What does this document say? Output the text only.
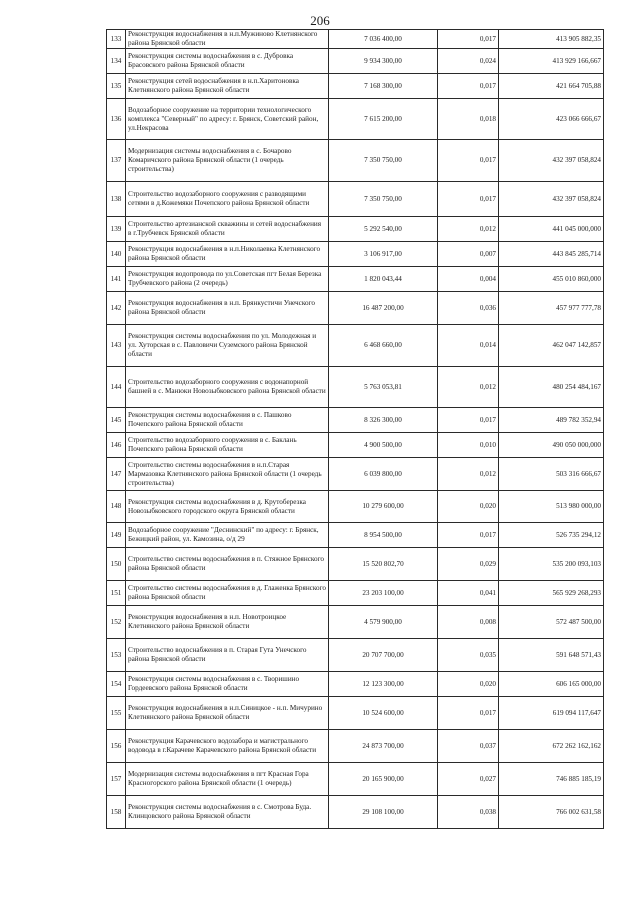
206
133	Реконструкция водоснабжения в н.п.Мужиново Клетнянского района Брянской области	7 036 400,00	0,017	413 905 882,35
134	Реконструкция системы водоснабжения в с. Дубровка Брасовского района Брянской области	9 934 300,00	0,024	413 929 166,667
135	Реконструкция сетей водоснабжения в н.п.Харитоновка Клетнянского района Брянской области	7 168 300,00	0,017	421 664 705,88
136	Водозаборное сооружение на территории технологического комплекса "Северный" по адресу: г. Брянск, Советский район, ул.Некрасова	7 615 200,00	0,018	423 066 666,67
137	Модернизация системы водоснабжения в с. Бочарово Комаричского района Брянской области (1 очередь строительства)	7 350 750,00	0,017	432 397 058,824
138	Строительство водозаборного сооружения с разводящими сетями в д.Кожемяки Почепского района Брянской области	7 350 750,00	0,017	432 397 058,824
139	Строительство артезианской скважины и сетей водоснабжения в г.Трубчевск Брянской области	5 292 540,00	0,012	441 045 000,000
140	Реконструкция водоснабжения в н.п.Николаевка Клетнянского района Брянской области	3 106 917,00	0,007	443 845 285,714
141	Реконструкция водопровода по ул.Советская пгт Белая Березка Трубчевского района (2 очередь)	1 820 043,44	0,004	455 010 860,000
142	Реконструкция водоснабжения в н.п. Брянкустичи Унечского района Брянской области	16 487 200,00	0,036	457 977 777,78
143	Реконструкция системы водоснабжения по ул. Молодежная и ул. Хуторская в с. Павловичи Суземского района Брянской области	6 468 660,00	0,014	462 047 142,857
144	Строительство водозаборного сооружения с водонапорной башней в с. Манюки Новозыбковского района Брянской области	5 763 053,81	0,012	480 254 484,167
145	Реконструкция системы водоснабжения в с. Пашково Почепского района Брянской области	8 326 300,00	0,017	489 782 352,94
146	Строительство водозаборного сооружения в с. Баклань Почепского района Брянской области	4 900 500,00	0,010	490 050 000,000
147	Строительство системы водоснабжения в н.п.Старая Мармазовка Клетнянского района Брянской области (1 очередь строительства)	6 039 800,00	0,012	503 316 666,67
148	Реконструкция системы водоснабжения в д. Крутоберезка Новозыбковского городского округа Брянской области	10 279 600,00	0,020	513 980 000,00
149	Водозаборное сооружение "Деснинский" по адресу: г. Брянск, Бежицкий район, ул. Камозина, о/д 29	8 954 500,00	0,017	526 735 294,12
150	Строительство системы водоснабжения в п. Стяжное Брянского района Брянской области	15 520 802,70	0,029	535 200 093,103
151	Строительство системы водоснабжения в д. Глаженка Брянского района Брянской области	23 203 100,00	0,041	565 929 268,293
152	Реконструкция водоснабжения в н.п. Новотроицкое Клетнянского района Брянской области	4 579 900,00	0,008	572 487 500,00
153	Строительство водоснабжения в п. Старая Гута Унечского района Брянской области	20 707 700,00	0,035	591 648 571,43
154	Реконструкция системы водоснабжения в с. Творишино Гордеевского района Брянской области	12 123 300,00	0,020	606 165 000,00
155	Реконструкция водоснабжения в н.п.Синицкое - н.п. Мичурино Клетнянского района Брянской области	10 524 600,00	0,017	619 094 117,647
156	Реконструкция Карачевского водозабора и магистрального водовода в г.Карачеве Карачевского района Брянской области	24 873 700,00	0,037	672 262 162,162
157	Модернизация системы водоснабжения в пгт Красная Гора Красногорского района Брянской области (1 очередь)	20 165 900,00	0,027	746 885 185,19
158	Реконструкция системы водоснабжения в с. Смотрова Буда. Клинцовского района Брянской области	29 108 100,00	0,038	766 002 631,58
